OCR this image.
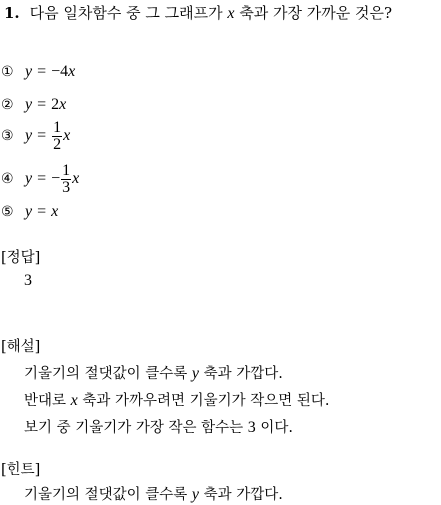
1. 다음 일차함수 중 그 그래프가 x 축과 가장 가까운 것은?
① y = − 4 x
② y = 2 x
③ $y = \frac{1}{2}$ x
④ y = − $\frac{1}{3}$ x
⑤ y = x
[정답]
3
[해설]
기울기의 절댓값이 클수록 y 축과 가깝다.
반대로 x 축과 가까우려면 기울기가 작으면 된다.
보기 중 기울기가 가장 작은 함수는 3 이다.
[힌트]
기울기의 절댓값이 클수록 y 축과 가깝다.
